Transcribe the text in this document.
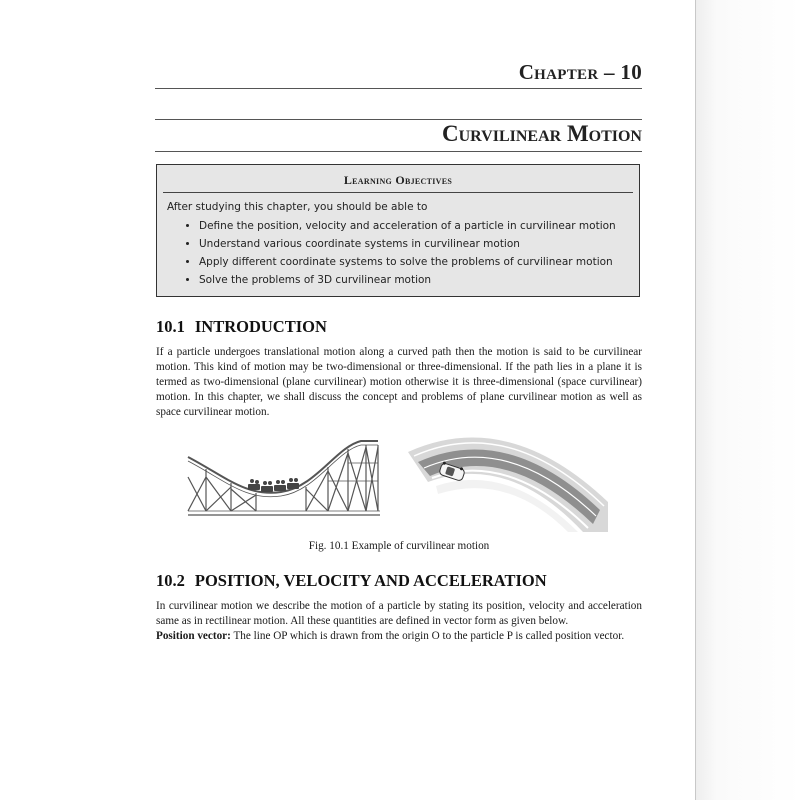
Chapter – 10
Curvilinear Motion
Learning Objectives
After studying this chapter, you should be able to
• Define the position, velocity and acceleration of a particle in curvilinear motion
• Understand various coordinate systems in curvilinear motion
• Apply different coordinate systems to solve the problems of curvilinear motion
• Solve the problems of 3D curvilinear motion
10.1 INTRODUCTION

If a particle undergoes translational motion along a curved path then the motion is said to be curvilinear motion. This kind of motion may be two-dimensional or three-dimensional. If the path lies in a plane it is termed as two-dimensional (plane curvilinear) motion otherwise it is three-dimensional (space curvilinear) motion. In this chapter, we shall discuss the concept and problems of plane curvilinear motion as well as space curvilinear motion.

Fig. 10.1 Example of curvilinear motion
10.2 POSITION, VELOCITY AND ACCELERATION

In curvilinear motion we describe the motion of a particle by stating its position, velocity and acceleration same as in rectilinear motion. All these quantities are defined in vector form as given below.

Position vector: The line OP which is drawn from the origin O to the particle P is called position vector.
